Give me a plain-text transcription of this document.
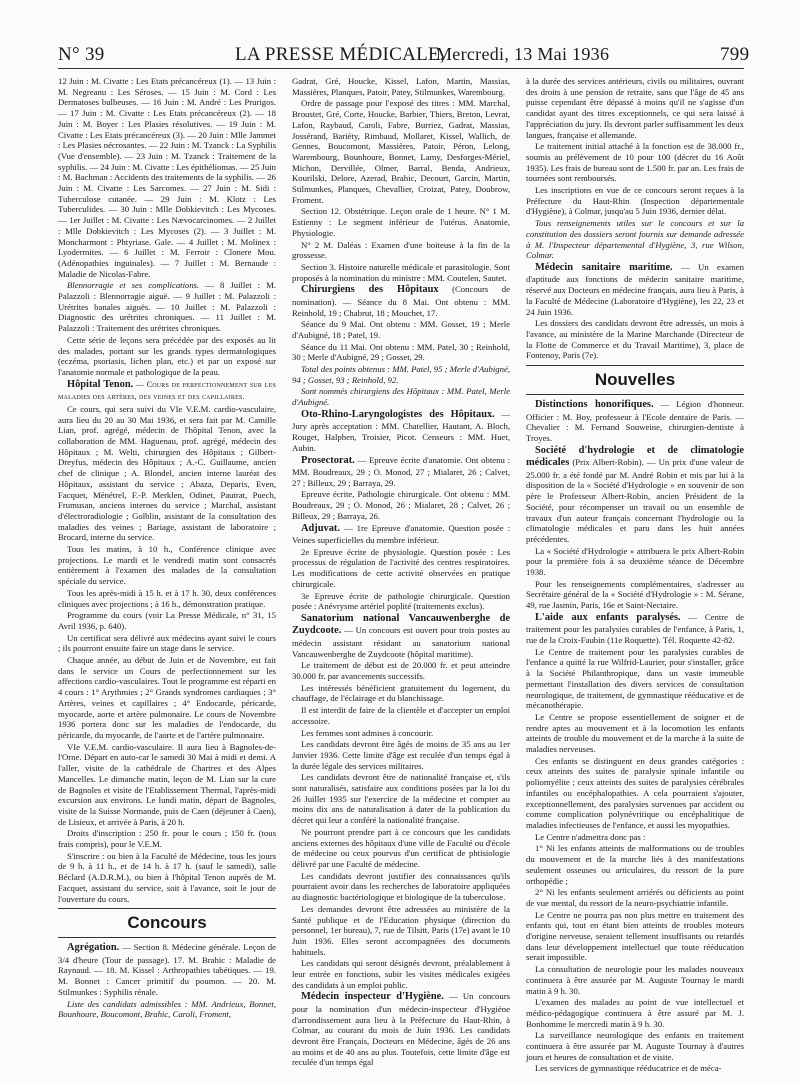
N° 39	LA PRESSE MÉDICALE,
Mercredi, 13 Mai 1936	799

12 Juin : M. Civatte : Les Etats précancéreux (1). — 13 Juin : M. Negreanu : Les Séroses. — 15 Juin : M. Cord : Les Dermatoses bulbeuses. — 16 Juin : M. André : Les Prurigos. — 17 Juin : M. Civatte : Les Etats précancéreux (2). — 18 Juin : M. Boyer : Les Plasies résolutives. — 19 Juin : M. Civatte : Les Etats précancéreux (3). — 20 Juin : Mlle Jammet : Les Plasies nécrosantes. — 22 Juin : M. Tzanck : La Syphilis (Vue d'ensemble). — 23 Juin : M. Tzanck : Traitement de la syphilis. — 24 Juin : M. Civatte : Les épithéliomas. — 25 Juin : M. Bachman : Accidents des traitements de la syphilis. — 26 Juin : M. Civatte : Les Sarcomes. — 27 Juin : M. Sidi : Tuberculose cutanée. — 29 Juin : M. Klotz : Les Tuberculides. — 30 Juin : Mlle Dobkievitch : Les Mycoses. — 1er Juillet : M. Civatte : Les Nævocarcinomes. — 2 Juillet : Mlle Dobkievitch : Les Mycoses (2). — 3 Juillet : M. Moncharmont : Phtyriase. Gale. — 4 Juillet : M. Molinex : Lyodermites. — 6 Juillet : M. Ferroir : Clonere Mou. (Adénopathies inguinales). — 7 Juillet : M. Bernaude : Maladie de Nicolas-Fabre.

Blennorragie et ses complications. — 8 Juillet : M. Palazzoli : Blennorragie aiguë. — 9 Juillet : M. Palazzoli : Urétrites banales aiguës. — 10 Juillet : M. Palazzoli : Diagnostic des urétrites chroniques. — 11 Juillet : M. Palazzoli : Traitement des urétrites chroniques.

Cette série de leçons sera précédée par des exposés au lit des malades, portant sur les grands types dermatologiques (eczéma, psoriasis, lichen plan, etc.) et par un exposé sur l'anatomie normale et pathologique de la peau.

Hôpital Tenon. — Cours de perfectionnement sur les maladies des artères, des veines et des capillaires.

Ce cours, qui sera suivi du VIe V.E.M. cardio-vasculaire, aura lieu du 20 au 30 Mai 1936, et sera fait par M. Camille Lian, prof. agrégé, médecin de l'hôpital Tenon, avec la collaboration de MM. Haguenau, prof. agrégé, médecin des Hôpitaux ; M. Welti, chirurgien des Hôpitaux ; Gilbert-Dreyfus, médecin des Hôpitaux ; A.-C. Guillaume, ancien chef de clinique ; A. Blondel, ancien interne lauréat des Hôpitaux, assistant du service ; Abaza, Deparis, Even, Facquet, Ménétrel, F.-P. Merklen, Odinet, Pautrat, Puech, Frumusan, anciens internes du service ; Marchal, assistant d'électroradiologie ; Golblin, assistant de la consultation des maladies des veines ; Bariage, assistant de laboratoire ; Brocard, interne du service.

Tous les matins, à 10 h., Conférence clinique avec projections. Le mardi et le vendredi matin sont consacrés entièrement à l'examen des malades de la consultation spéciale du service.

Tous les après-midi à 15 h. et à 17 h. 30, deux conférences cliniques avec projections ; à 16 h., démonstration pratique.

Programme du cours (voir La Presse Médicale, n° 31, 15 Avril 1936, p. 640).

Un certificat sera délivré aux médecins ayant suivi le cours ; ils pourront ensuite faire un stage dans le service.

Chaque année, au début de Juin et de Novembre, est fait dans le service un Cours de perfectionnement sur les affections cardio-vasculaires. Tout le programme est réparti en 4 cours : 1° Arythmies ; 2° Grands syndromes cardiaques ; 3° Artères, veines et capillaires ; 4° Endocarde, péricarde, myocarde, aorte et artère pulmonaire. Le cours de Novembre 1936 portera donc sur les maladies de l'endocarde, du péricarde, du myocarde, de l'aorte et de l'artère pulmonaire.

VIe V.E.M. cardio-vasculaire. Il aura lieu à Bagnoles-de-l'Orne. Départ en auto-car le samedi 30 Mai à midi et demi. A l'aller, visite de la cathédrale de Chartres et des Alpes Mancelles. Le dimanche matin, leçon de M. Lian sur la cure de Bagnoles et visite de l'Etablissement Thermal, l'après-midi excursion aux environs. Le lundi matin, départ de Bagnoles, visite de la Suisse Normande, puis de Caen (déjeuner à Caen), de Lisieux, et arrivée à Paris, à 20 h.

Droits d'inscription : 250 fr. pour le cours ; 150 fr. (tous frais compris), pour le V.E.M.

S'inscrire : ou bien à la Faculté de Médecine, tous les jours de 9 h. à 11 h., et de 14 h. à 17 h. (sauf le samedi), salle Béclard (A.D.R.M.), ou bien à l'hôpital Tenon auprès de M. Facquet, assistant du service, soit à l'avance, soit le jour de l'ouverture du cours.

Concours

Agrégation. — Section 8. Médecine générale. Leçon de 3/4 d'heure (Tour de passage). 17. M. Brahic : Maladie de Raynaud. — 18. M. Kissel : Arthropathies tabétiques. — 19. M. Bonnet : Cancer primitif du poumon. — 20. M. Stilmunkes : Syphilis rénale.

Liste des candidats admissibles : MM. Andrieux, Bonnet, Bounhoure, Boucomont, Brahic, Caroli, Froment,

Gadrat, Gré, Houcke, Kissel, Lafon, Martin, Massias, Massières, Planques, Patoir, Patey, Stilmunkes, Warembourg.

Ordre de passage pour l'exposé des titres : MM. Marchal, Broustet, Gré, Corte, Houcke, Barbier, Thiers, Breton, Levrat, Lafon, Raybaud, Caroli, Fabre, Burriez, Gadrat, Massias, Jossérand, Bariéty, Rimbaud, Mollaret, Kissel, Wallich, de Gennes, Boucomont, Massières, Patoir, Péron, Lelong, Warembourg, Bounhoure, Bonnet, Lamy, Desforges-Mériel, Michon, Dervillée, Olmer, Barral, Benda, Andrieux, Kourilski, Delore, Azerad, Brahic, Decourt, Garcin, Martin, Stilmunkes, Planques, Chevallier, Croizat, Patey, Doubrow, Froment.

Section 12. Obstétrique. Leçon orale de 1 heure. N° 1 M. Estienny : Le segment inférieur de l'utérus. Anatomie, Physiologie.

N° 2 M. Daléas : Examen d'une boiteuse à la fin de la grossesse.

Section 3. Histoire naturelle médicale et parasitologie. Sont proposés à la nomination du ministre : MM. Coutelen, Sautet.

Chirurgiens des Hôpitaux (Concours de nomination). — Séance du 8 Mai. Ont obtenu : MM. Reinhold, 19 ; Chabrut, 18 ; Mouchet, 17.

Séance du 9 Mai. Ont obtenu : MM. Gosset, 19 ; Merle d'Aubigné, 18 ; Patel, 19.

Séance du 11 Mai. Ont obtenu : MM. Patel, 30 ; Reinhold, 30 ; Merle d'Aubigné, 29 ; Gosset, 29.

Total des points obtenus : MM. Patel, 95 ; Merle d'Aubigné, 94 ; Gosset, 93 ; Reinhold, 92.

Sont nommés chirurgiens des Hôpitaux : MM. Patel, Merle d'Aubigné.

Oto-Rhino-Laryngologistes des Hôpitaux. — Jury après acceptation : MM. Chatellier, Hautant, A. Bloch, Rouget, Halphen, Troisier, Picot. Censeurs : MM. Huet, Aubin.

Prosectorat. — Epreuve écrite d'anatomie. Ont obtenu : MM. Boudreaux, 29 ; O. Monod, 27 ; Mialaret, 26 ; Calvet, 27 ; Billeux, 29 ; Barraya, 29.

Epreuve écrite, Pathologie chirurgicale. Ont obtenu : MM. Boudreaux, 29 ; O. Monod, 26 ; Mialaret, 28 ; Calvet, 26 ; Billeux, 29 ; Barraya, 26.

Adjuvat. — 1re Epreuve d'anatomie. Question posée : Veines superficielles du membre inférieur.

2e Epreuve écrite de physiologie. Question posée : Les processus de régulation de l'activité des centres respiratoires. Les modifications de cette activité observées en pratique chirurgicale.

3e Epreuve écrite de pathologie chirurgicale. Question posée : Anévrysme artériel poplité (traitements exclus).

Sanatorium national Vancauwenberghe de Zuydcoote. — Un concours est ouvert pour trois postes au médecin assistant résidant au sanatorium national Vancauwenberghe de Zuydcoote (hôpital maritime).

Le traitement de début est de 20.000 fr. et peut atteindre 30.000 fr. par avancements successifs.

Les intéressés bénéficient gratuitement du logement, du chauffage, de l'éclairage et du blanchissage.

Il est interdit de faire de la clientèle et d'accepter un emploi accessoire.

Les femmes sont admises à concourir.

Les candidats devront être âgés de moins de 35 ans au 1er Janvier 1936. Cette limite d'âge est reculée d'un temps égal à la durée légale des services militaires.

Les candidats devront être de nationalité française et, s'ils sont naturalisés, satisfaire aux conditions posées par la loi du 26 Juillet 1935 sur l'exercice de la médecine et compter au moins dix ans de naturalisation à dater de la publication du décret qui leur a conféré la nationalité française.

Ne pourront prendre part à ce concours que les candidats anciens externes des hôpitaux d'une ville de Faculté ou d'école de médecine ou ceux pourvus d'un certificat de phtisiologie délivré par une Faculté de médecine.

Les candidats devront justifier des connaissances qu'ils pourraient avoir dans les recherches de laboratoire appliquées au diagnostic bactériologique et biologique de la tuberculose.

Les demandes devront être adressées au ministère de la Santé publique et de l'Education physique (direction du personnel, 1er bureau), 7, rue de Tilsitt, Paris (17e) avant le 10 Juin 1936. Elles seront accompagnées des documents habituels.

Les candidats qui seront désignés devront, préalablement à leur entrée en fonctions, subir les visites médicales exigées des candidats à un emploi public.

Médecin inspecteur d'Hygiène. — Un concours pour la nomination d'un médecin-inspecteur d'Hygiène d'arrondissement aura lieu à la Préfecture du Haut-Rhin, à Colmar, au courant du mois de Juin 1936. Les candidats devront être Français, Docteurs en Médecine, âgés de 26 ans au moins et de 40 ans au plus. Toutefois, cette limite d'âge est reculée d'un temps égal

à la durée des services antérieurs, civils ou militaires, ouvrant des droits à une pension de retraite, sans que l'âge de 45 ans puisse cependant être dépassé à moins qu'il ne s'agisse d'un candidat ayant des titres exceptionnels, ce qui sera laissé à l'appréciation du jury. Ils devront parler suffisamment les deux langues, française et allemande.

Le traitement initial attaché à la fonction est de 38.000 fr., soumis au prélèvement de 10 pour 100 (décret du 16 Août 1935). Les frais de bureau sont de 1.500 fr. par an. Les frais de tournées sont remboursés.

Les inscriptions en vue de ce concours seront reçues à la Préfecture du Haut-Rhin (Inspection départementale d'Hygiène), à Colmar, jusqu'au 5 Juin 1936, dernier délai.

Tous renseignements utiles sur le concours et sur la constitution des dossiers seront fournis sur demande adressée à M. l'Inspecteur départemental d'Hygiène, 3, rue Wilson, Colmar.

Médecin sanitaire maritime. — Un examen d'aptitude aux fonctions de médecin sanitaire maritime, réservé aux Docteurs en médecine français, aura lieu à Paris, à la Faculté de Médecine (Laboratoire d'Hygiène), les 22, 23 et 24 Juin 1936.

Les dossiers des candidats devront être adressés, un mois à l'avance, au ministère de la Marine Marchande (Directeur de la Flotte de Commerce et du Travail Maritime), 3, place de Fontenoy, Paris (7e).

Nouvelles

Distinctions honorifiques. — Légion d'honneur. Officier : M. Boy, professeur à l'Ecole dentaire de Paris. — Chevalier : M. Fernand Souweine, chirurgien-dentiste à Troyes.

Société d'hydrologie et de climatologie médicales (Prix Albert-Robin). — Un prix d'une valeur de 25.000 fr. a été fondé par M. André Robin et mis par lui à la disposition de la « Société d'Hydrologie » en souvenir de son père le Professeur Albert-Robin, ancien Président de la Société, pour récompenser un travail ou un ensemble de travaux d'un auteur français concernant l'hydrologie ou la climatologie médicales et paru dans les huit années précédentes.

La « Société d'Hydrologie » attribuera le prix Albert-Robin pour la première fois à sa deuxième séance de Décembre 1938.

Pour les renseignements complémentaires, s'adresser au Secrétaire général de la « Société d'Hydrologie » : M. Sérane, 49, rue Jasmin, Paris, 16e et Saint-Nectaire.

L'aide aux enfants paralysés. — Centre de traitement pour les paralysies curables de l'enfance, à Paris, 1, rue de la Croix-Faubin (11e Roquette). Tél. Roquette 42-82.

Le Centre de traitement pour les paralysies curables de l'enfance a quitté la rue Wilfrid-Laurier, pour s'installer, grâce à la Société Philanthropique, dans un vaste immeuble permettant l'installation des divers services de consultation neurologique, de traitement, de gymnastique rééducative et de mécanothérapie.

Le Centre se propose essentiellement de soigner et de rendre aptes au mouvement et à la locomotion les enfants atteints de trouble du mouvement et de la marche à la suite de maladies nerveuses.

Ces enfants se distinguent en deux grandes catégories : ceux atteints des suites de paralysie spinale infantile ou poliomyélite ; ceux atteints des suites de paralysies cérébrales infantiles ou encéphalopathies. A cela pourraient s'ajouter, exceptionnellement, des paralysies survenues par accident ou comme complication polynévritique ou encéphalitique de maladies infectieuses de l'enfance, et aussi les myopathies.

Le Centre n'admettra donc pas :

1° Ni les enfants atteints de malformations ou de troubles du mouvement et de la marche liés à des manifestations seulement osseuses ou articulaires, du ressort de la pure orthopédie ;

2° Ni les enfants seulement arriérés ou déficients au point de vue mental, du ressort de la neuro-psychiatrie infantile.

Le Centre ne pourra pas non plus mettre en traitement des enfants qui, tout en étant bien atteints de troubles moteurs d'origine nerveuse, seraient tellement insuffisants ou retardés dans leur développement intellectuel que toute rééducation serait impossible.

La consultation de neurologie pour les malades nouveaux continuera à être assurée par M. Auguste Tournay le mardi matin à 9 h. 30.

L'examen des malades au point de vue intellectuel et médico-pédagogique continuera à être assuré par M. J. Bonhomme le mercredi matin à 9 h. 30.

La surveillance neurologique des enfants en traitement continuera à être assurée par M. Auguste Tournay à d'autres jours et heures de consultation et de visite.

Les services de gymnastique rééducatrice et de méca-
